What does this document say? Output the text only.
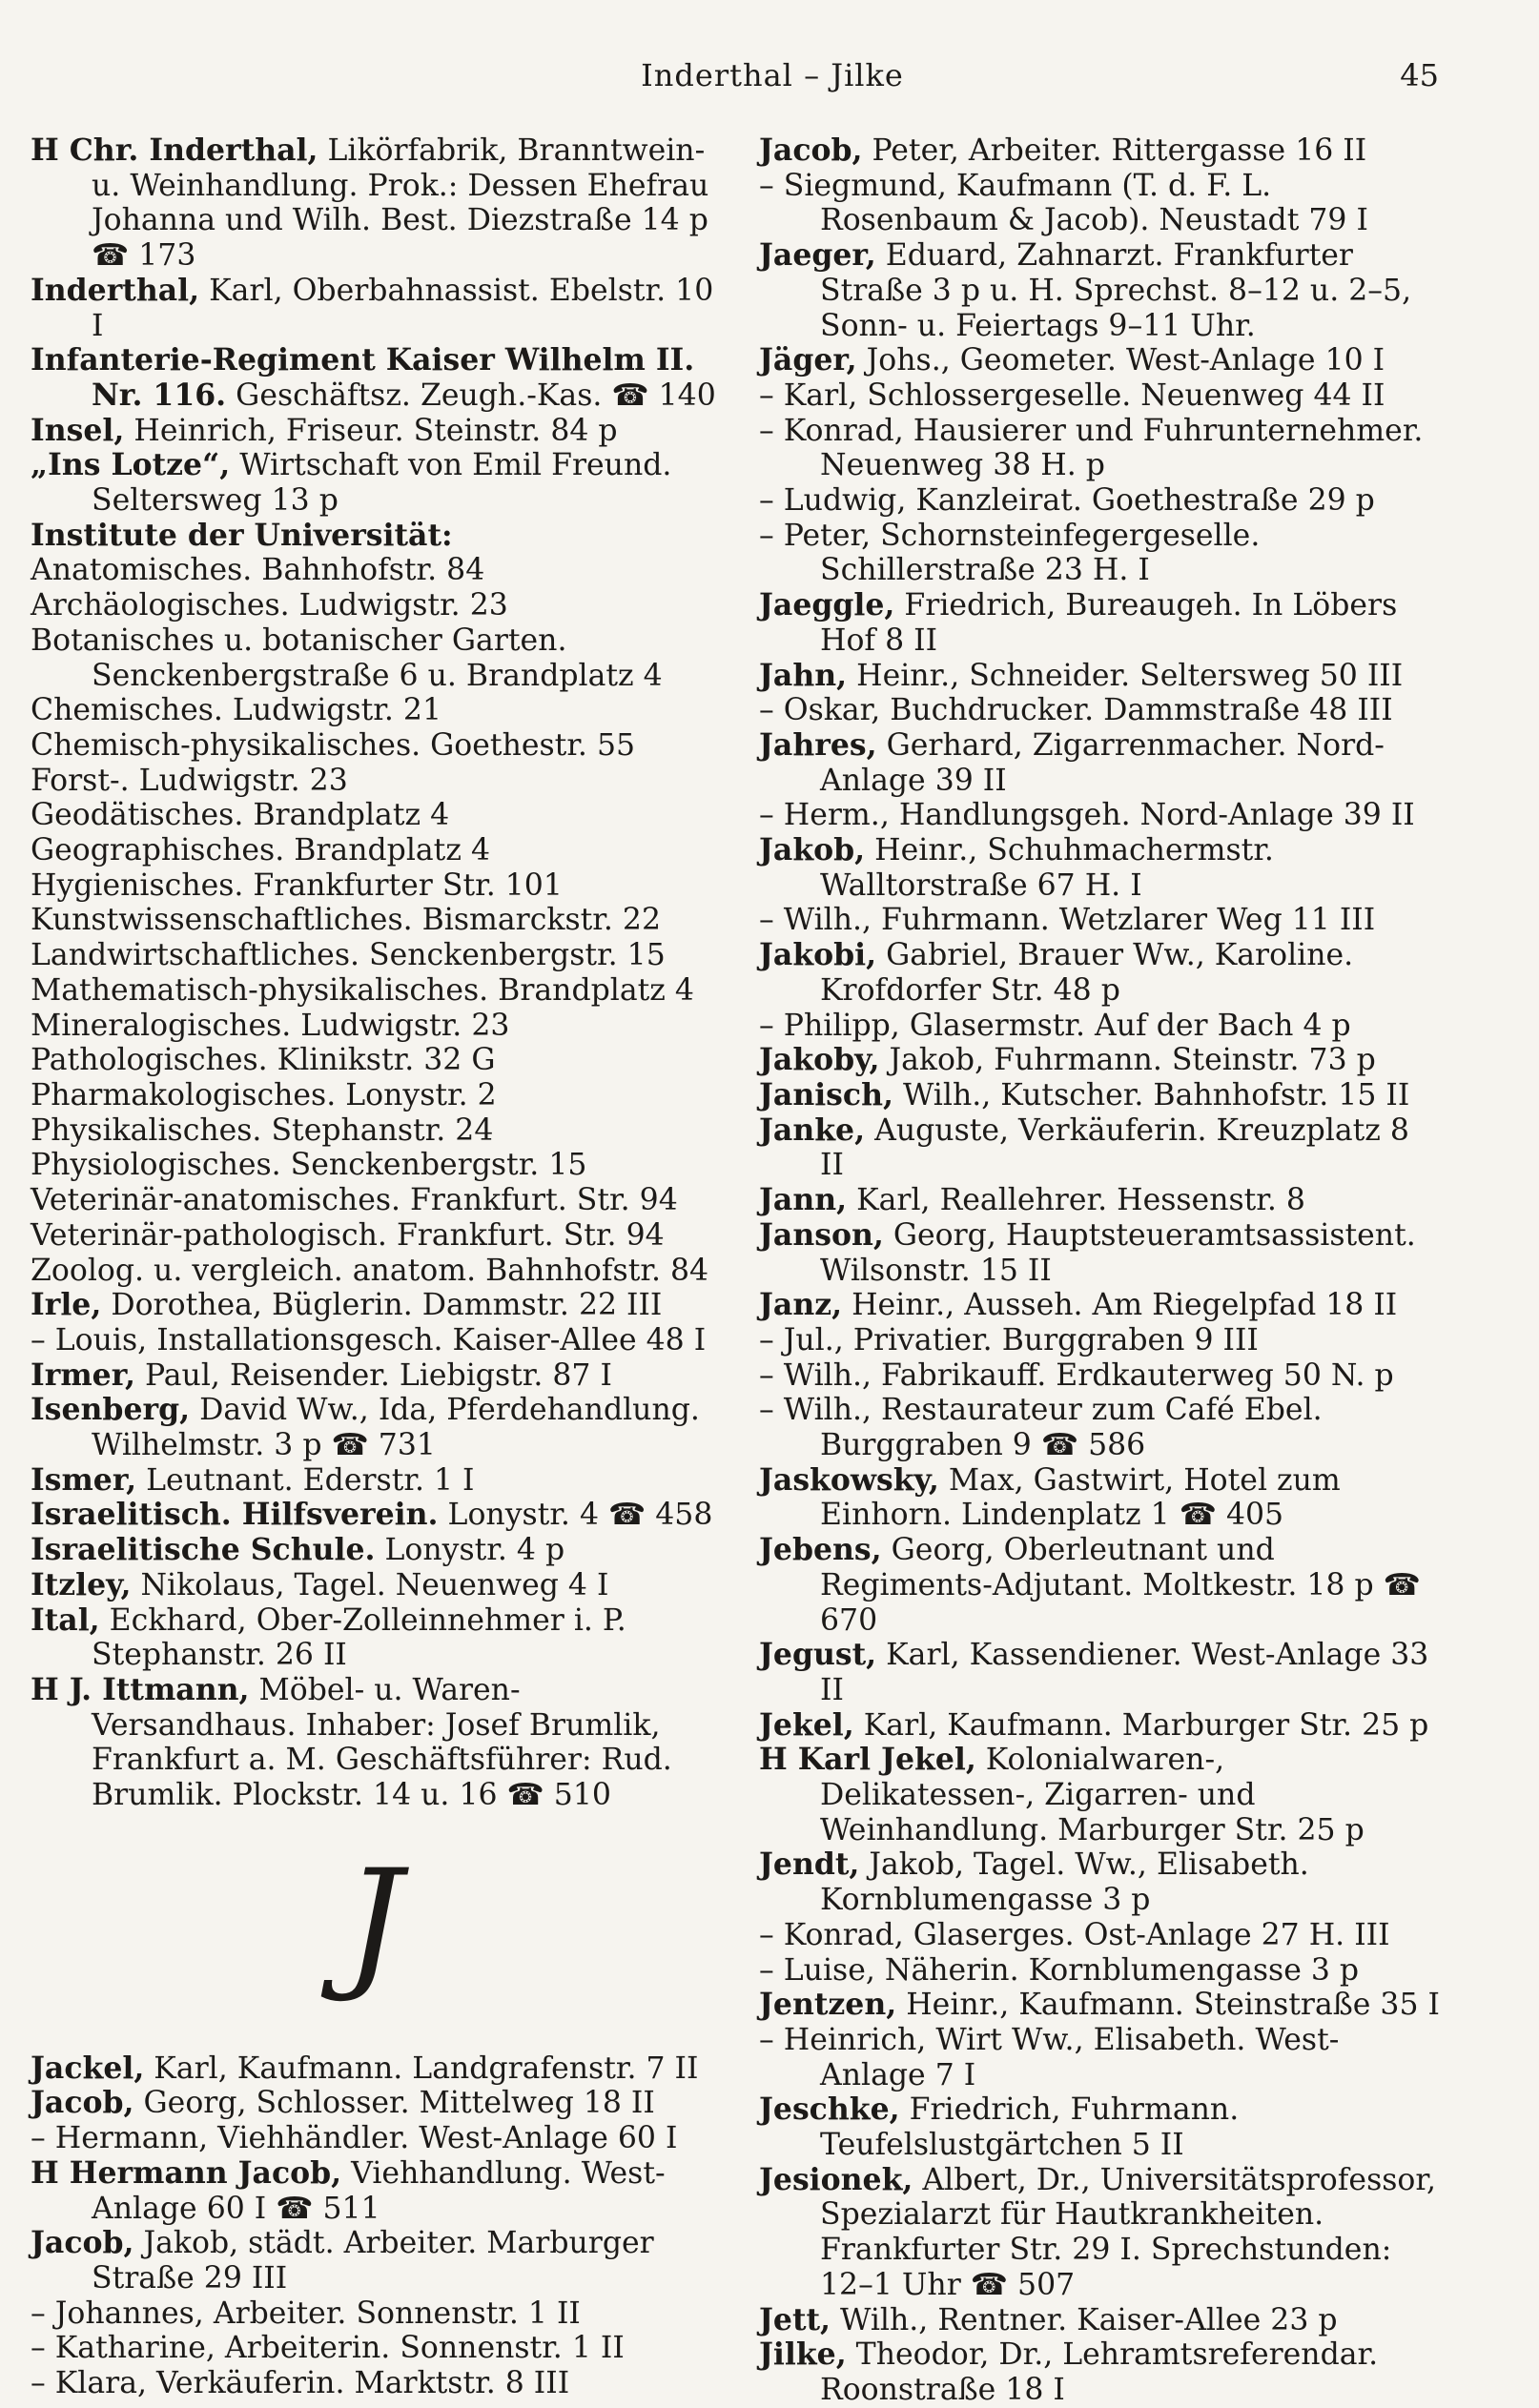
Inderthal – Jilke	45

H Chr. Inderthal, Likörfabrik, Branntwein- u. Weinhandlung. Prok.: Dessen Ehefrau Johanna und Wilh. Best. Diezstraße 14 p ☎ 173

Inderthal, Karl, Oberbahnassist. Ebelstr. 10 I

Infanterie-Regiment Kaiser Wilhelm II. Nr. 116. Geschäftsz. Zeugh.-Kas. ☎ 140

Insel, Heinrich, Friseur. Steinstr. 84 p

„Ins Lotze“, Wirtschaft von Emil Freund. Seltersweg 13 p

Institute der Universität:

Anatomisches. Bahnhofstr. 84

Archäologisches. Ludwigstr. 23

Botanisches u. botanischer Garten. Senckenbergstraße 6 u. Brandplatz 4

Chemisches. Ludwigstr. 21

Chemisch-physikalisches. Goethestr. 55

Forst-. Ludwigstr. 23

Geodätisches. Brandplatz 4

Geographisches. Brandplatz 4

Hygienisches. Frankfurter Str. 101

Kunstwissenschaftliches. Bismarckstr. 22

Landwirtschaftliches. Senckenbergstr. 15

Mathematisch-physikalisches. Brandplatz 4

Mineralogisches. Ludwigstr. 23

Pathologisches. Klinikstr. 32 G

Pharmakologisches. Lonystr. 2

Physikalisches. Stephanstr. 24

Physiologisches. Senckenbergstr. 15

Veterinär-anatomisches. Frankfurt. Str. 94

Veterinär-pathologisch. Frankfurt. Str. 94

Zoolog. u. vergleich. anatom. Bahnhofstr. 84

Irle, Dorothea, Büglerin. Dammstr. 22 III

– Louis, Installationsgesch. Kaiser-Allee 48 I

Irmer, Paul, Reisender. Liebigstr. 87 I

Isenberg, David Ww., Ida, Pferdehandlung. Wilhelmstr. 3 p ☎ 731

Ismer, Leutnant. Ederstr. 1 I

Israelitisch. Hilfsverein. Lonystr. 4 ☎ 458

Israelitische Schule. Lonystr. 4 p

Itzley, Nikolaus, Tagel. Neuenweg 4 I

Ital, Eckhard, Ober-Zolleinnehmer i. P. Stephanstr. 26 II

H J. Ittmann, Möbel- u. Waren-Versandhaus. Inhaber: Josef Brumlik, Frankfurt a. M. Geschäftsführer: Rud. Brumlik. Plockstr. 14 u. 16 ☎ 510

J

Jackel, Karl, Kaufmann. Landgrafenstr. 7 II

Jacob, Georg, Schlosser. Mittelweg 18 II

– Hermann, Viehhändler. West-Anlage 60 I

H Hermann Jacob, Viehhandlung. West-Anlage 60 I ☎ 511

Jacob, Jakob, städt. Arbeiter. Marburger Straße 29 III

– Johannes, Arbeiter. Sonnenstr. 1 II

– Katharine, Arbeiterin. Sonnenstr. 1 II

– Klara, Verkäuferin. Marktstr. 8 III

Jacob, Peter, Arbeiter. Rittergasse 16 II

– Siegmund, Kaufmann (T. d. F. L. Rosenbaum & Jacob). Neustadt 79 I

Jaeger, Eduard, Zahnarzt. Frankfurter Straße 3 p u. H. Sprechst. 8–12 u. 2–5, Sonn- u. Feiertags 9–11 Uhr.

Jäger, Johs., Geometer. West-Anlage 10 I

– Karl, Schlossergeselle. Neuenweg 44 II

– Konrad, Hausierer und Fuhrunternehmer. Neuenweg 38 H. p

– Ludwig, Kanzleirat. Goethestraße 29 p

– Peter, Schornsteinfegergeselle. Schillerstraße 23 H. I

Jaeggle, Friedrich, Bureaugeh. In Löbers Hof 8 II

Jahn, Heinr., Schneider. Seltersweg 50 III

– Oskar, Buchdrucker. Dammstraße 48 III

Jahres, Gerhard, Zigarrenmacher. Nord-Anlage 39 II

– Herm., Handlungsgeh. Nord-Anlage 39 II

Jakob, Heinr., Schuhmachermstr. Walltorstraße 67 H. I

– Wilh., Fuhrmann. Wetzlarer Weg 11 III

Jakobi, Gabriel, Brauer Ww., Karoline. Krofdorfer Str. 48 p

– Philipp, Glasermstr. Auf der Bach 4 p

Jakoby, Jakob, Fuhrmann. Steinstr. 73 p

Janisch, Wilh., Kutscher. Bahnhofstr. 15 II

Janke, Auguste, Verkäuferin. Kreuzplatz 8 II

Jann, Karl, Reallehrer. Hessenstr. 8

Janson, Georg, Hauptsteueramtsassistent. Wilsonstr. 15 II

Janz, Heinr., Ausseh. Am Riegelpfad 18 II

– Jul., Privatier. Burggraben 9 III

– Wilh., Fabrikauff. Erdkauterweg 50 N. p

– Wilh., Restaurateur zum Café Ebel. Burggraben 9 ☎ 586

Jaskowsky, Max, Gastwirt, Hotel zum Einhorn. Lindenplatz 1 ☎ 405

Jebens, Georg, Oberleutnant und Regiments-Adjutant. Moltkestr. 18 p ☎ 670

Jegust, Karl, Kassendiener. West-Anlage 33 II

Jekel, Karl, Kaufmann. Marburger Str. 25 p

H Karl Jekel, Kolonialwaren-, Delikatessen-, Zigarren- und Weinhandlung. Marburger Str. 25 p

Jendt, Jakob, Tagel. Ww., Elisabeth. Kornblumengasse 3 p

– Konrad, Glaserges. Ost-Anlage 27 H. III

– Luise, Näherin. Kornblumengasse 3 p

Jentzen, Heinr., Kaufmann. Steinstraße 35 I

– Heinrich, Wirt Ww., Elisabeth. West-Anlage 7 I

Jeschke, Friedrich, Fuhrmann. Teufelslustgärtchen 5 II

Jesionek, Albert, Dr., Universitätsprofessor, Spezialarzt für Hautkrankheiten. Frankfurter Str. 29 I. Sprechstunden: 12–1 Uhr ☎ 507

Jett, Wilh., Rentner. Kaiser-Allee 23 p

Jilke, Theodor, Dr., Lehramtsreferendar. Roonstraße 18 I
